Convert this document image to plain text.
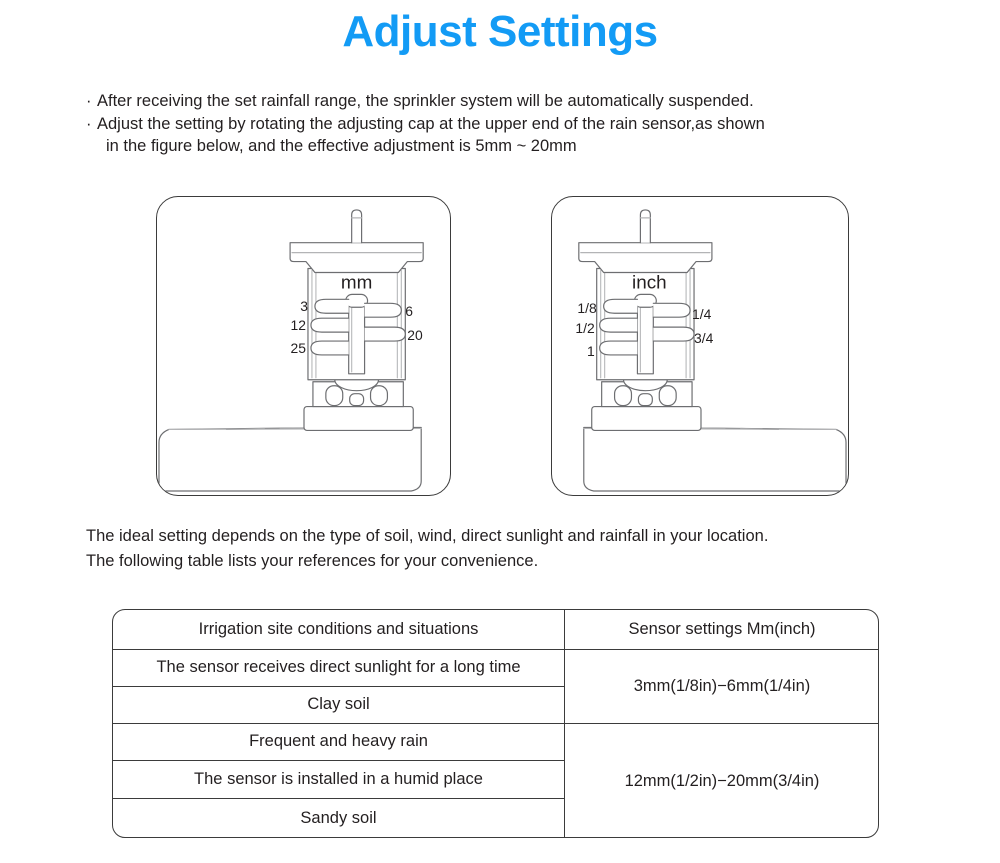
Adjust Settings
· After receiving the set rainfall range, the sprinkler system will be automatically suspended.
· Adjust the setting by rotating the adjusting cap at the upper end of the rain sensor,as shown
in the figure below, and the effective adjustment is 5mm ~ 20mm
mm
3
12
25
6
20
inch
1/8
1/2
1
1/4
3/4
The ideal setting depends on the type of soil, wind, direct sunlight and rainfall in your location.
The following table lists your references for your convenience.
Irrigation site conditions and situations	Sensor settings Mm(inch)
The sensor receives direct sunlight for a long time
Clay soil
3mm(1/8in)−6mm(1/4in)
Frequent and heavy rain
The sensor is installed in a humid place
Sandy soil
12mm(1/2in)−20mm(3/4in)
